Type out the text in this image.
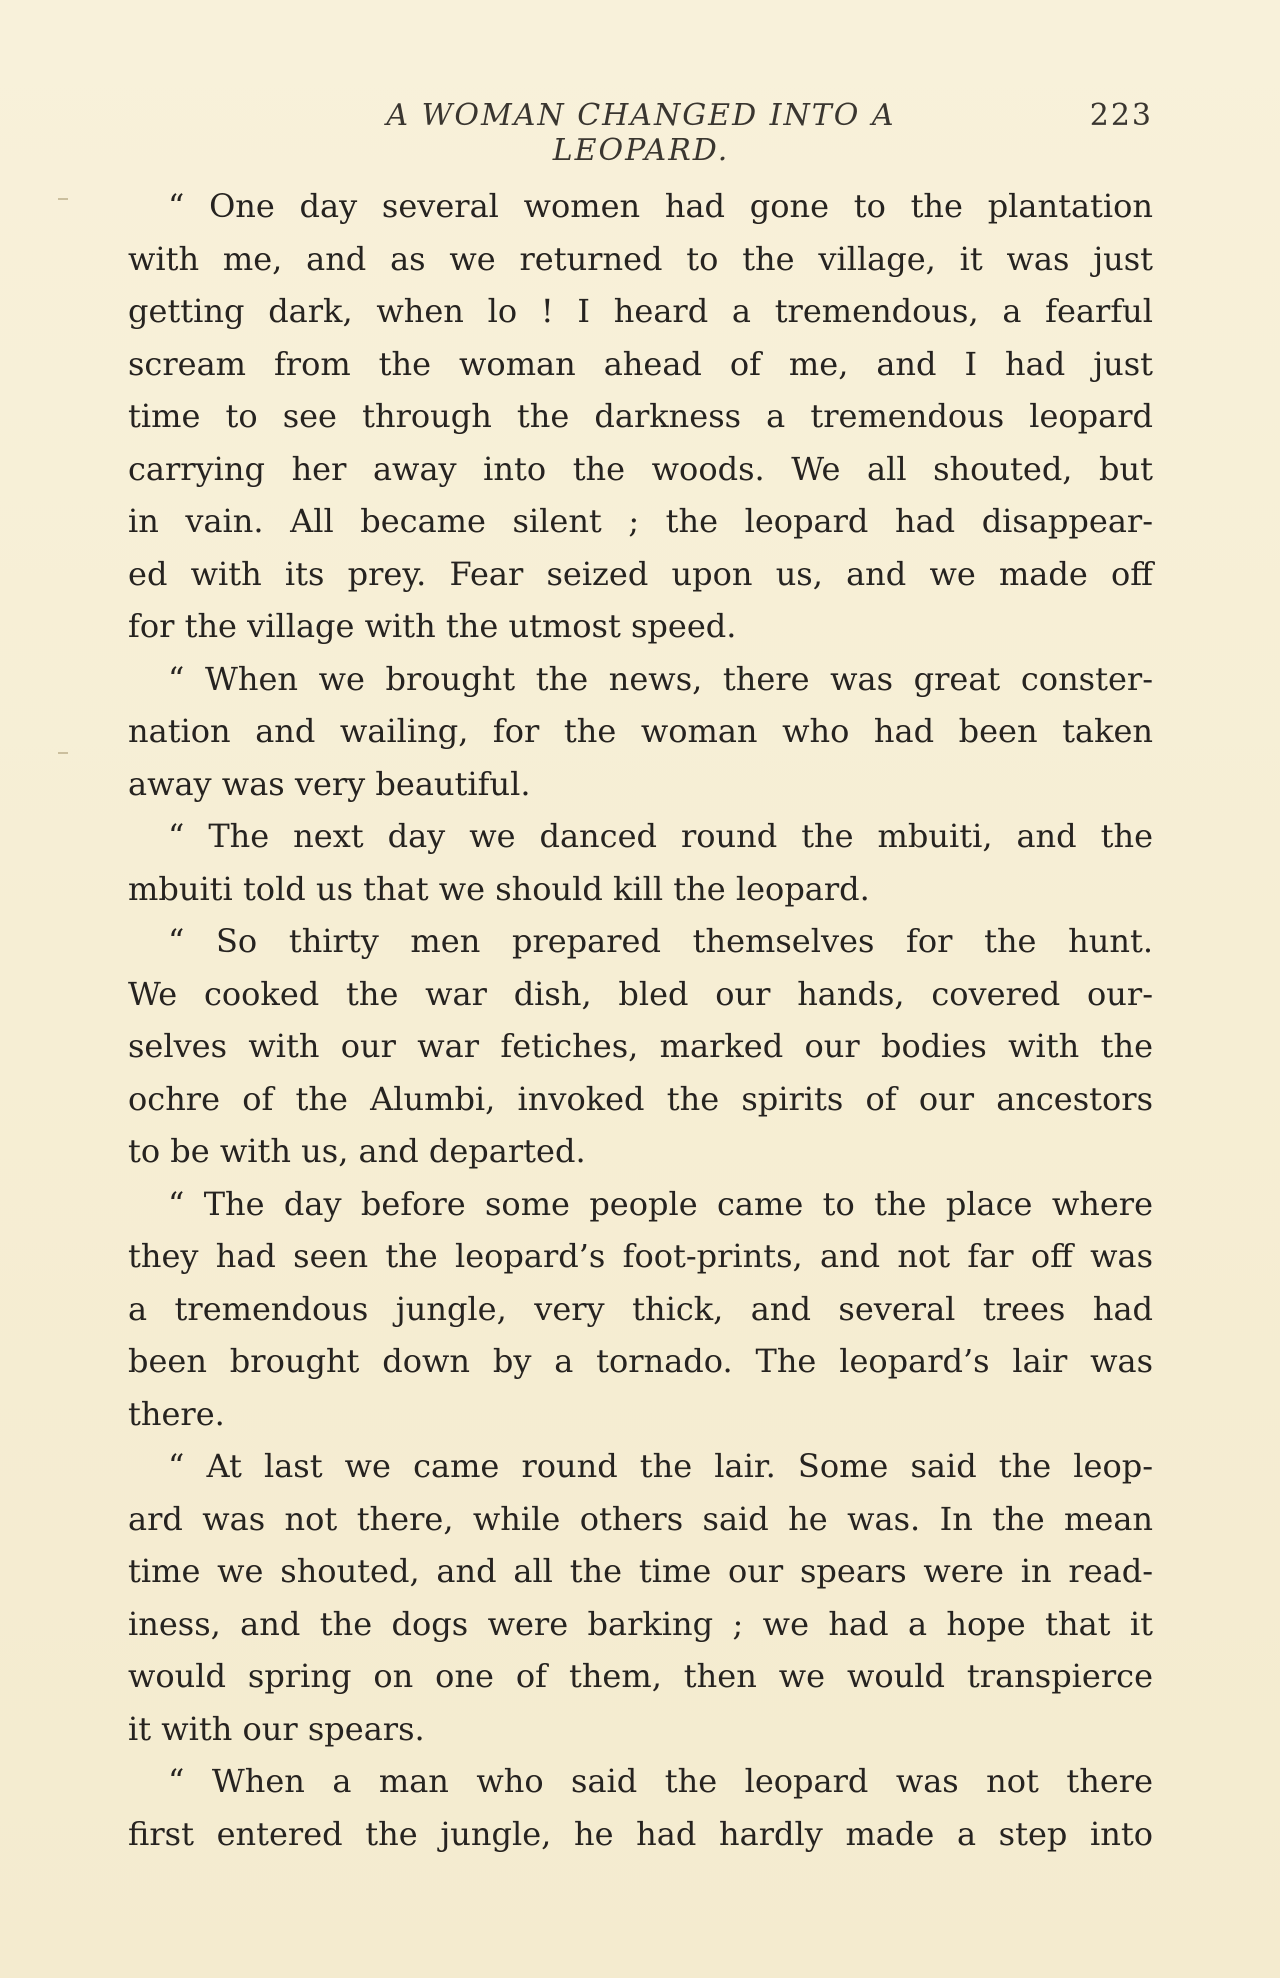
A WOMAN CHANGED INTO A LEOPARD.
223
“ One day several women had gone to the plantation
with me, and as we returned to the village, it was just
getting dark, when lo ! I heard a tremendous, a fearful
scream from the woman ahead of me, and I had just
time to see through the darkness a tremendous leopard
carrying her away into the woods. We all shouted, but
in vain. All became silent ; the leopard had disappear-
ed with its prey. Fear seized upon us, and we made off
for the village with the utmost speed.
“ When we brought the news, there was great conster-
nation and wailing, for the woman who had been taken
away was very beautiful.
“ The next day we danced round the mbuiti, and the
mbuiti told us that we should kill the leopard.
“ So thirty men prepared themselves for the hunt.
We cooked the war dish, bled our hands, covered our-
selves with our war fetiches, marked our bodies with the
ochre of the Alumbi, invoked the spirits of our ancestors
to be with us, and departed.
“ The day before some people came to the place where
they had seen the leopard’s foot-prints, and not far off was
a tremendous jungle, very thick, and several trees had
been brought down by a tornado. The leopard’s lair was
there.
“ At last we came round the lair. Some said the leop-
ard was not there, while others said he was. In the mean
time we shouted, and all the time our spears were in read-
iness, and the dogs were barking ; we had a hope that it
would spring on one of them, then we would transpierce
it with our spears.
“ When a man who said the leopard was not there
first entered the jungle, he had hardly made a step into
